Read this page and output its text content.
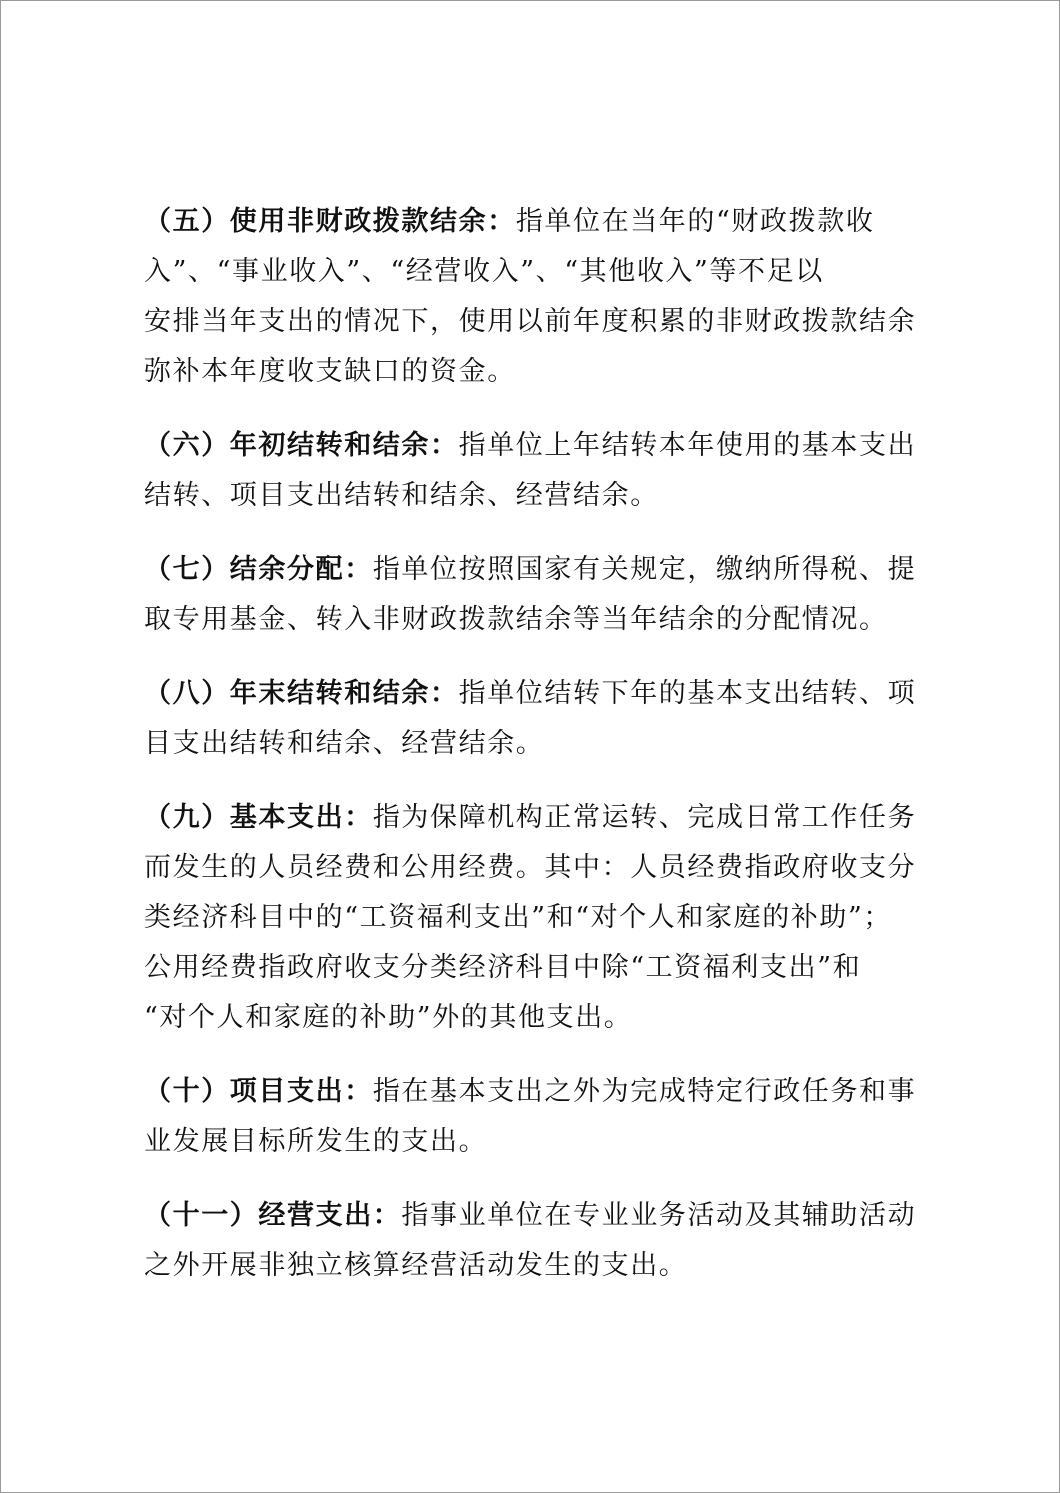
（五）使用非财政拨款结余：指单位在当年的“财政拨款收
入”、“事业收入”、“经营收入”、“其他收入”等不足以
安排当年支出的情况下，使用以前年度积累的非财政拨款结余
弥补本年度收支缺口的资金。

（六）年初结转和结余：指单位上年结转本年使用的基本支出
结转、项目支出结转和结余、经营结余。

（七）结余分配：指单位按照国家有关规定，缴纳所得税、提
取专用基金、转入非财政拨款结余等当年结余的分配情况。

（八）年末结转和结余：指单位结转下年的基本支出结转、项
目支出结转和结余、经营结余。

（九）基本支出：指为保障机构正常运转、完成日常工作任务
而发生的人员经费和公用经费。其中：人员经费指政府收支分
类经济科目中的“工资福利支出”和“对个人和家庭的补助”；
公用经费指政府收支分类经济科目中除“工资福利支出”和
“对个人和家庭的补助”外的其他支出。

（十）项目支出：指在基本支出之外为完成特定行政任务和事
业发展目标所发生的支出。

（十一）经营支出：指事业单位在专业业务活动及其辅助活动
之外开展非独立核算经营活动发生的支出。
